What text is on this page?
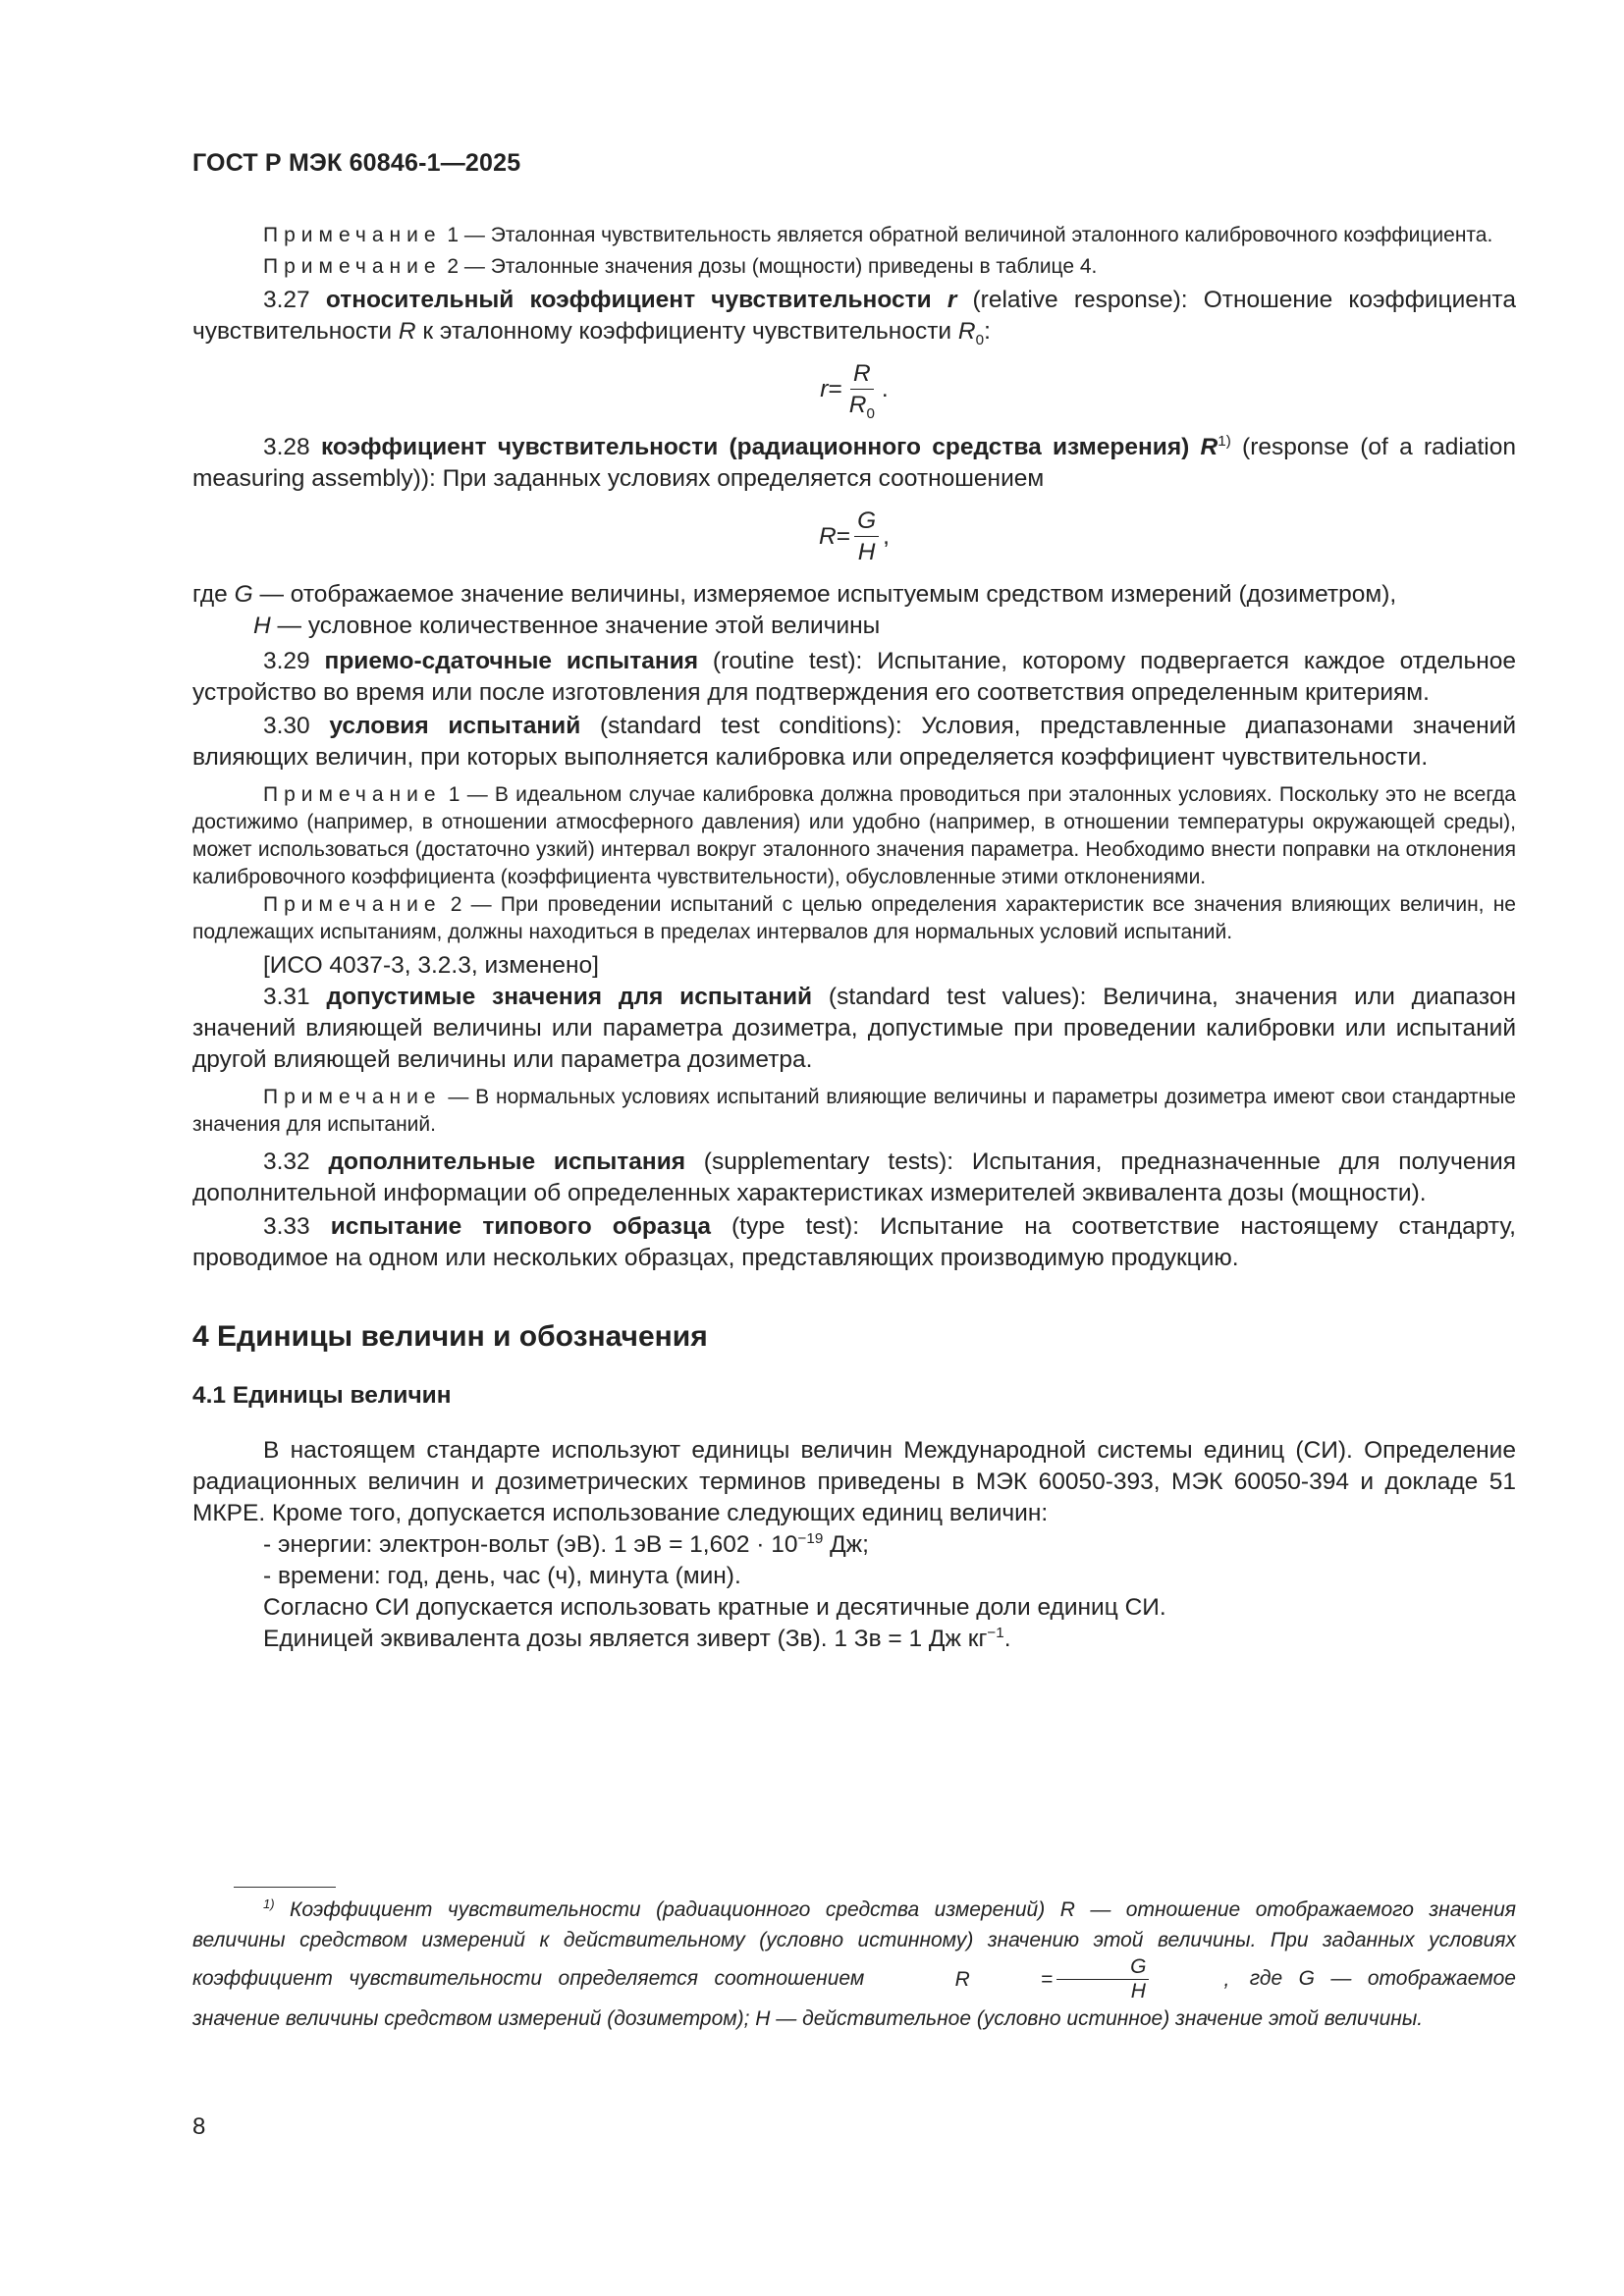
ГОСТ Р МЭК 60846-1—2025

Примечание 1 — Эталонная чувствительность является обратной величиной эталонного калибровочного коэффициента.

Примечание 2 — Эталонные значения дозы (мощности) приведены в таблице 4.

3.27 относительный коэффициент чувствительности r (relative response): Отношение коэффициента чувствительности R к эталонному коэффициенту чувствительности $R_0$:

$r = \frac{R}{R_0}$ .

3.28 коэффициент чувствительности (радиационного средства измерения) $R^{1)}$ (response (of a radiation measuring assembly)): При заданных условиях определяется соотношением

$R = \frac{G}{H}$ ,

где G — отображаемое значение величины, измеряемое испытуемым средством измерений (дозиметром),

H — условное количественное значение этой величины

3.29 приемо-сдаточные испытания (routine test): Испытание, которому подвергается каждое отдельное устройство во время или после изготовления для подтверждения его соответствия определенным критериям.

3.30 условия испытаний (standard test conditions): Условия, представленные диапазонами значений влияющих величин, при которых выполняется калибровка или определяется коэффициент чувствительности.

Примечание 1 — В идеальном случае калибровка должна проводиться при эталонных условиях. Поскольку это не всегда достижимо (например, в отношении атмосферного давления) или удобно (например, в отношении температуры окружающей среды), может использоваться (достаточно узкий) интервал вокруг эталонного значения параметра. Необходимо внести поправки на отклонения калибровочного коэффициента (коэффициента чувствительности), обусловленные этими отклонениями.

Примечание 2 — При проведении испытаний с целью определения характеристик все значения влияющих величин, не подлежащих испытаниям, должны находиться в пределах интервалов для нормальных условий испытаний.

[ИСО 4037-3, 3.2.3, изменено]

3.31 допустимые значения для испытаний (standard test values): Величина, значения или диапазон значений влияющей величины или параметра дозиметра, допустимые при проведении калибровки или испытаний другой влияющей величины или параметра дозиметра.

Примечание — В нормальных условиях испытаний влияющие величины и параметры дозиметра имеют свои стандартные значения для испытаний.

3.32 дополнительные испытания (supplementary tests): Испытания, предназначенные для получения дополнительной информации об определенных характеристиках измерителей эквивалента дозы (мощности).

3.33 испытание типового образца (type test): Испытание на соответствие настоящему стандарту, проводимое на одном или нескольких образцах, представляющих производимую продукцию.

4 Единицы величин и обозначения

4.1 Единицы величин

В настоящем стандарте используют единицы величин Международной системы единиц (СИ). Определение радиационных величин и дозиметрических терминов приведены в МЭК 60050-393, МЭК 60050-394 и докладе 51 МКРЕ. Кроме того, допускается использование следующих единиц величин:

- энергии: электрон-вольт (эВ). 1 эВ = $1,602 \cdot 10^{-19}$ Дж;

- времени: год, день, час (ч), минута (мин).

Согласно СИ допускается использовать кратные и десятичные доли единиц СИ.

Единицей эквивалента дозы является зиверт (Зв). 1 Зв = 1 Дж $кг^{-1}$.

$^{1)}$ Коэффициент чувствительности (радиационного средства измерений) R — отношение отображаемого значения величины средством измерений к действительному (условно истинному) значению этой величины. При заданных условиях коэффициент чувствительности определяется соотношением	R	= $\frac{G}{H}$	, где G — отображаемое значение величины средством измерений (дозиметром); H — действительное (условно истинное) значение этой величины.

8
